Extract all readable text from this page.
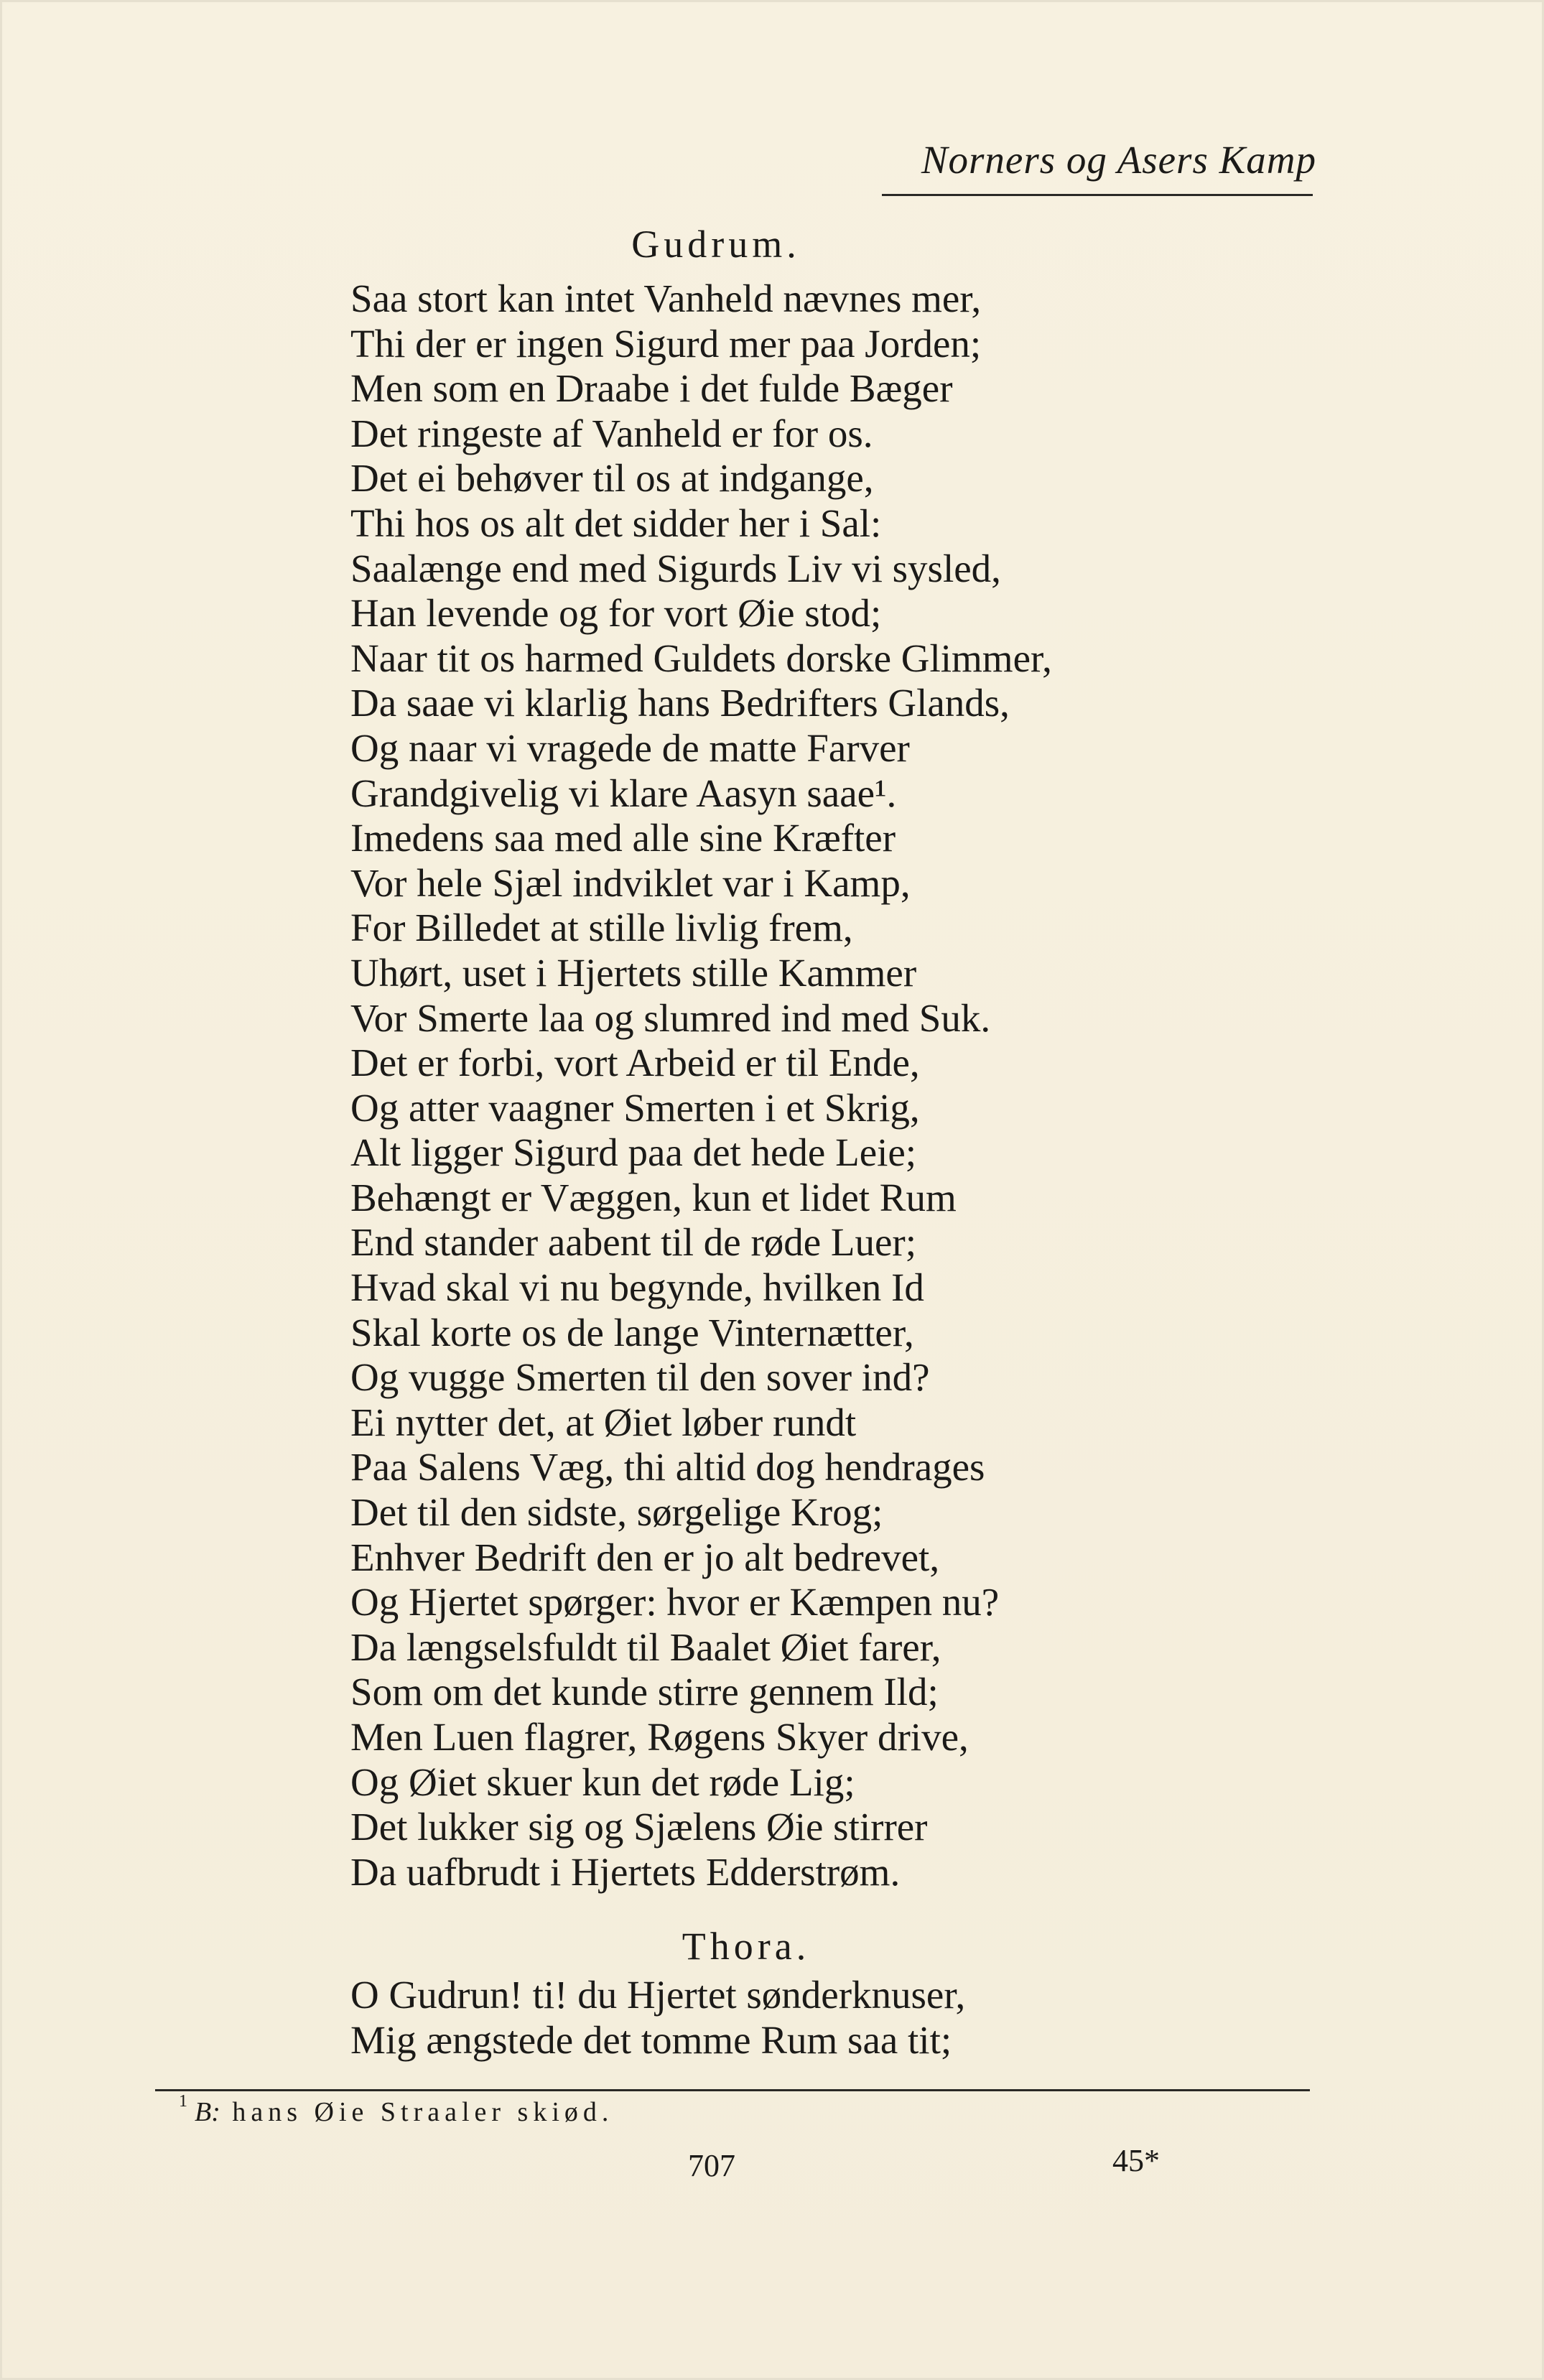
Norners og Asers Kamp
Gudrum.
Saa stort kan intet Vanheld nævnes mer,
Thi der er ingen Sigurd mer paa Jorden;
Men som en Draabe i det fulde Bæger
Det ringeste af Vanheld er for os.
Det ei behøver til os at indgange,
Thi hos os alt det sidder her i Sal:
Saalænge end med Sigurds Liv vi sysled,
Han levende og for vort Øie stod;
Naar tit os harmed Guldets dorske Glimmer,
Da saae vi klarlig hans Bedrifters Glands,
Og naar vi vragede de matte Farver
Grandgivelig vi klare Aasyn saae¹.
Imedens saa med alle sine Kræfter
Vor hele Sjæl indviklet var i Kamp,
For Billedet at stille livlig frem,
Uhørt, uset i Hjertets stille Kammer
Vor Smerte laa og slumred ind med Suk.
Det er forbi, vort Arbeid er til Ende,
Og atter vaagner Smerten i et Skrig,
Alt ligger Sigurd paa det hede Leie;
Behængt er Væggen, kun et lidet Rum
End stander aabent til de røde Luer;
Hvad skal vi nu begynde, hvilken Id
Skal korte os de lange Vinternætter,
Og vugge Smerten til den sover ind?
Ei nytter det, at Øiet løber rundt
Paa Salens Væg, thi altid dog hendrages
Det til den sidste, sørgelige Krog;
Enhver Bedrift den er jo alt bedrevet,
Og Hjertet spørger: hvor er Kæmpen nu?
Da længselsfuldt til Baalet Øiet farer,
Som om det kunde stirre gennem Ild;
Men Luen flagrer, Røgens Skyer drive,
Og Øiet skuer kun det røde Lig;
Det lukker sig og Sjælens Øie stirrer
Da uafbrudt i Hjertets Edderstrøm.
Thora.
O Gudrun! ti! du Hjertet sønderknuser,
Mig ængstede det tomme Rum saa tit;
$^1$ B: hans Øie Straaler skiød.
707	45*
